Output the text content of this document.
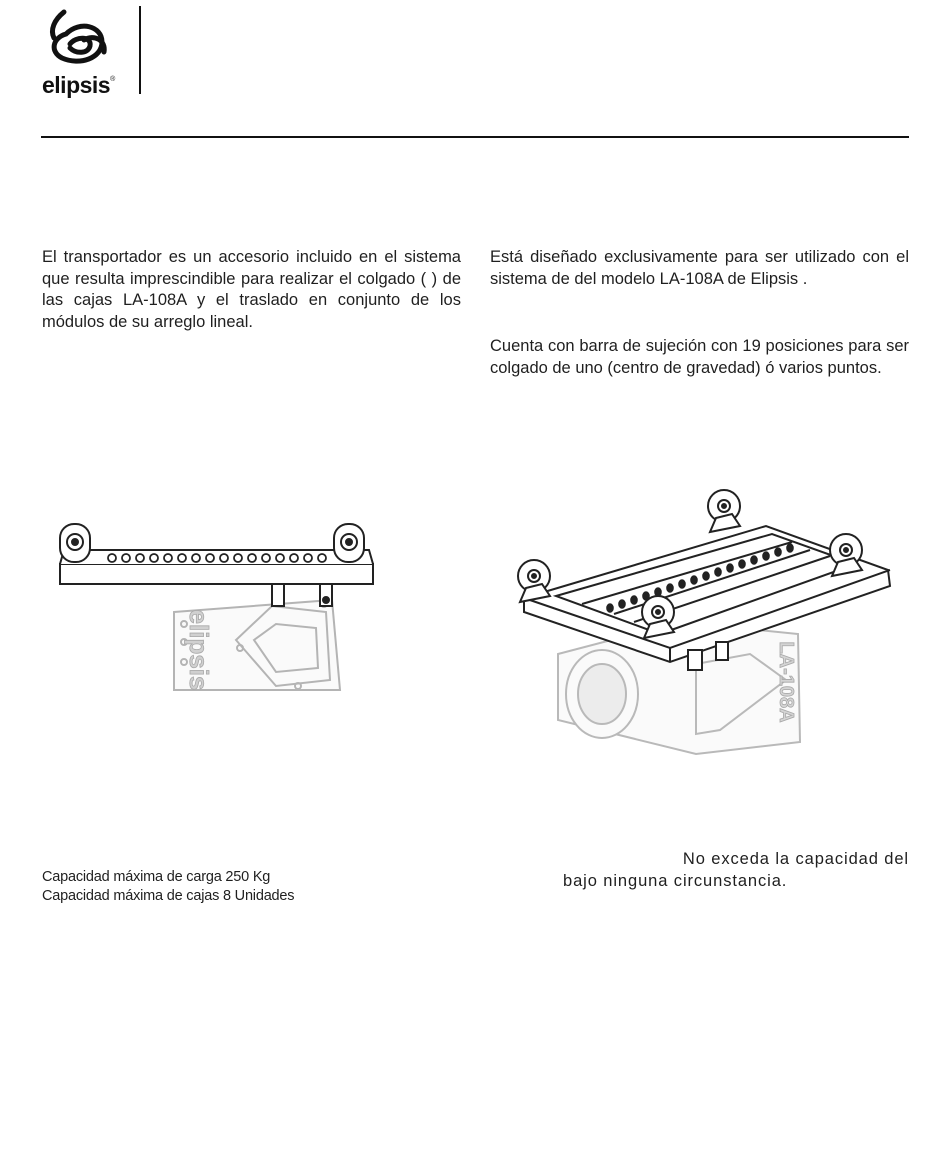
elipsis®

El transportador es un accesorio incluido en el sistema que resulta imprescindible para realizar el colgado ( ) de las cajas LA-108A y el traslado en conjunto de los módulos de su arreglo lineal.

Está diseñado exclusivamente para ser utilizado con el sistema de del modelo LA-108A de Elipsis .

Cuenta con barra de sujeción con 19 posiciones para ser colgado de uno (centro de gravedad) ó varios puntos.

elipsis	LA-108A

Capacidad máxima de carga 250 Kg

Capacidad máxima de cajas 8 Unidades

No exceda la capacidad del

bajo ninguna circunstancia.
